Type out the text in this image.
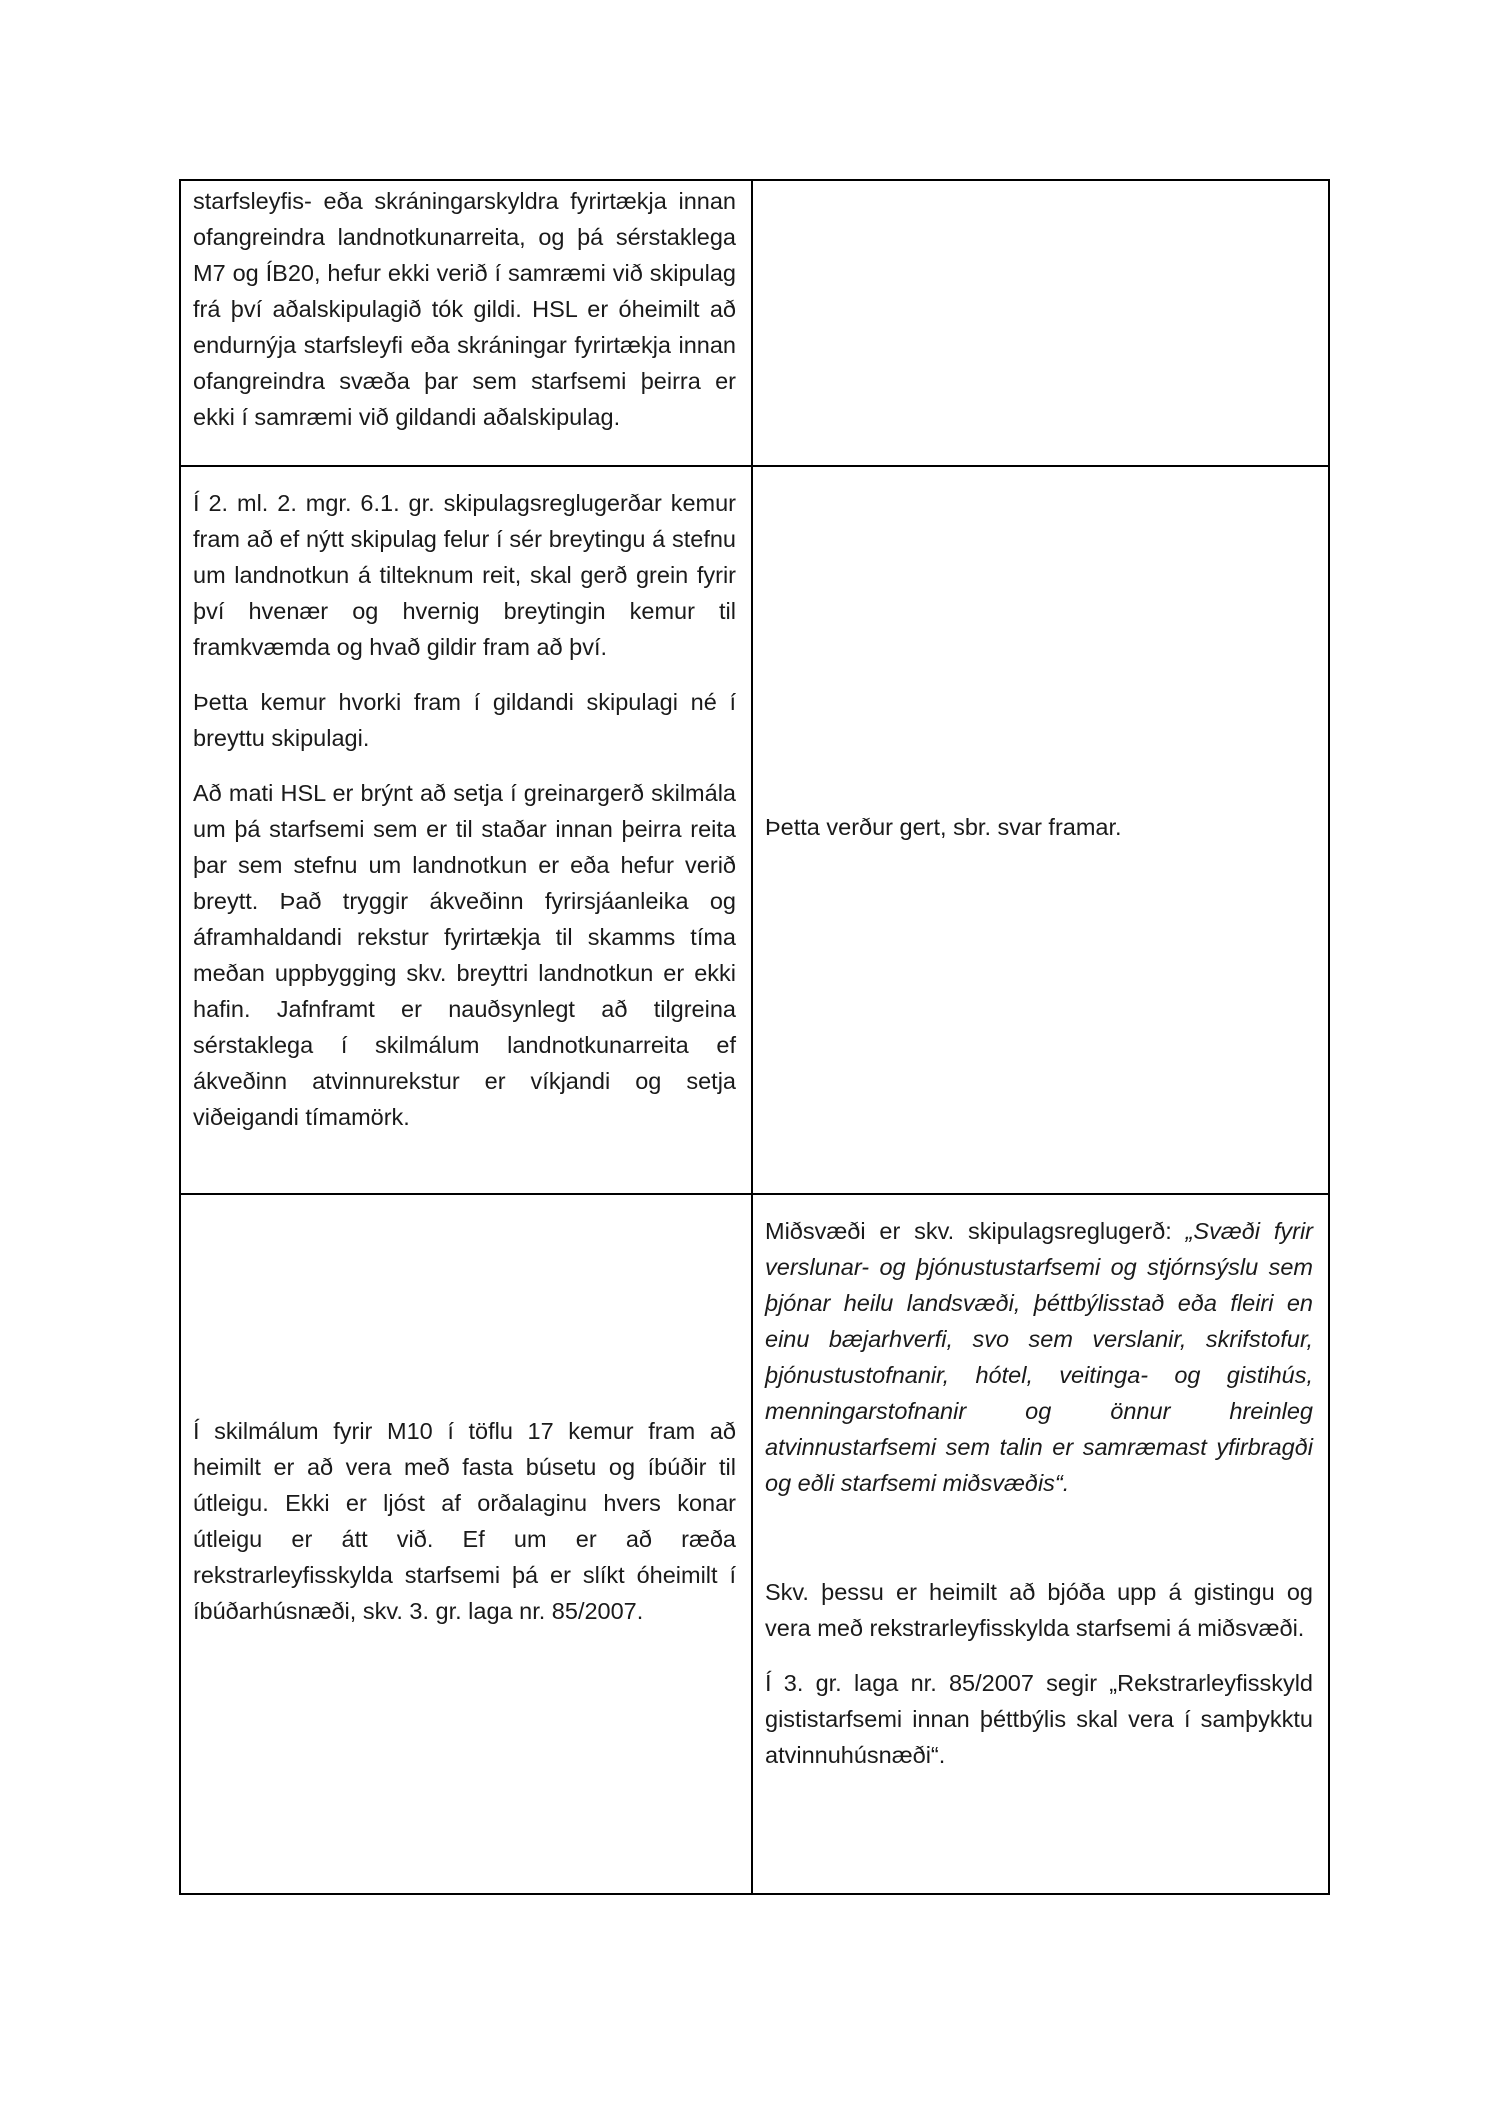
starfsleyfis- eða skráningarskyldra fyrirtækja innan ofangreindra landnotkunarreita, og þá sérstaklega M7 og ÍB20, hefur ekki verið í samræmi við skipulag frá því aðalskipulagið tók gildi. HSL er óheimilt að endurnýja starfsleyfi eða skráningar fyrirtækja innan ofangreindra svæða þar sem starfsemi þeirra er ekki í samræmi við gildandi aðalskipulag.

Í 2. ml. 2. mgr. 6.1. gr. skipulagsreglugerðar kemur fram að ef nýtt skipulag felur í sér breytingu á stefnu um landnotkun á tilteknum reit, skal gerð grein fyrir því hvenær og hvernig breytingin kemur til framkvæmda og hvað gildir fram að því.

Þetta kemur hvorki fram í gildandi skipulagi né í breyttu skipulagi.

Að mati HSL er brýnt að setja í greinargerð skilmála um þá starfsemi sem er til staðar innan þeirra reita þar sem stefnu um landnotkun er eða hefur verið breytt. Það tryggir ákveðinn fyrirsjáanleika og áframhaldandi rekstur fyrirtækja til skamms tíma meðan uppbygging skv. breyttri landnotkun er ekki hafin. Jafnframt er nauðsynlegt að tilgreina sérstaklega í skilmálum landnotkunarreita ef ákveðinn atvinnurekstur er víkjandi og setja viðeigandi tímamörk.

Þetta verður gert, sbr. svar framar.

Í skilmálum fyrir M10 í töflu 17 kemur fram að heimilt er að vera með fasta búsetu og íbúðir til útleigu. Ekki er ljóst af orðalaginu hvers konar útleigu er átt við. Ef um er að ræða rekstrarleyfisskylda starfsemi þá er slíkt óheimilt í íbúðarhúsnæði, skv. 3. gr. laga nr. 85/2007.

Miðsvæði er skv. skipulagsreglugerð: „Svæði fyrir verslunar- og þjónustustarfsemi og stjórnsýslu sem þjónar heilu landsvæði, þéttbýlisstað eða fleiri en einu bæjarhverfi, svo sem verslanir, skrifstofur, þjónustustofnanir, hótel, veitinga- og gistihús, menningarstofnanir og önnur hreinleg atvinnustarfsemi sem talin er samræmast yfirbragði og eðli starfsemi miðsvæðis“.

Skv. þessu er heimilt að bjóða upp á gistingu og vera með rekstrarleyfisskylda starfsemi á miðsvæði.

Í 3. gr. laga nr. 85/2007 segir „Rekstrarleyfisskyld gististarfsemi innan þéttbýlis skal vera í samþykktu atvinnuhúsnæði“.
